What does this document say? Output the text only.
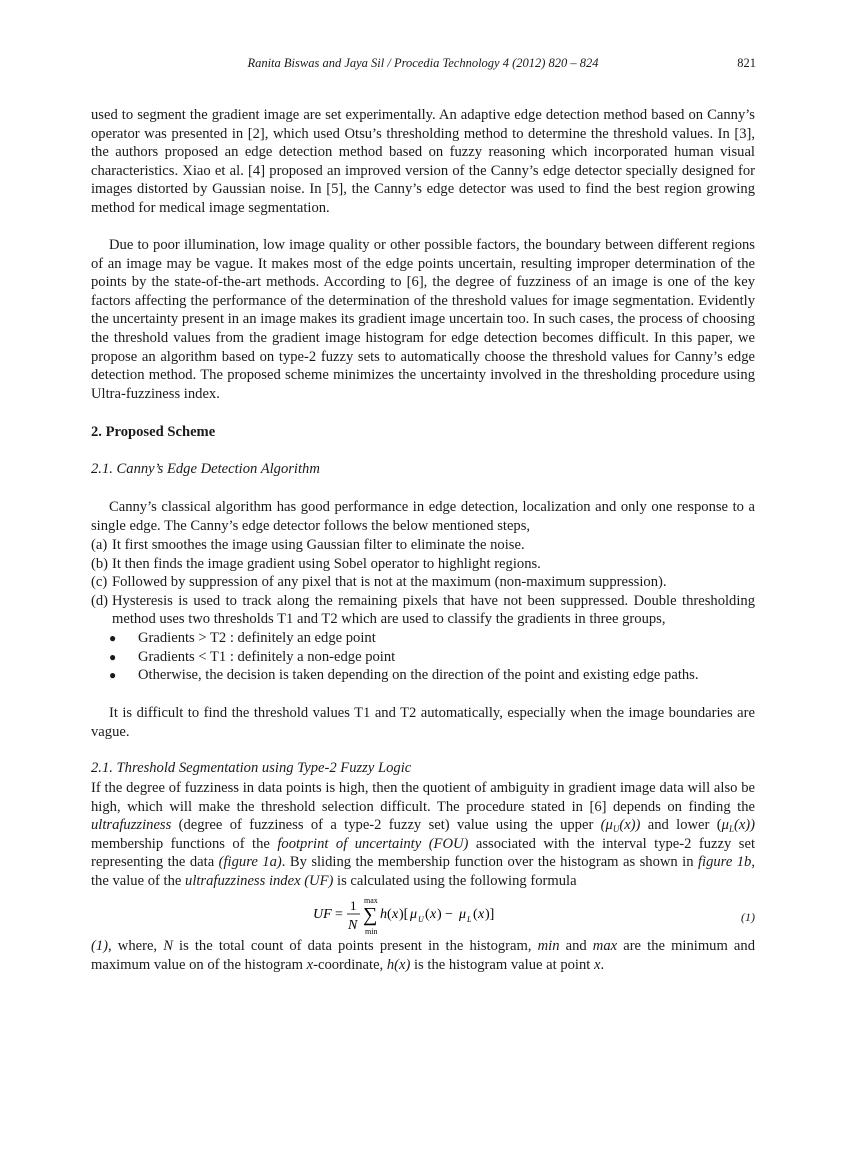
Ranita Biswas and Jaya Sil / Procedia Technology 4 (2012) 820 – 824	821

used to segment the gradient image are set experimentally. An adaptive edge detection method based on Canny’s operator was presented in [2], which used Otsu’s thresholding method to determine the threshold values. In [3], the authors proposed an edge detection method based on fuzzy reasoning which incorporated human visual characteristics. Xiao et al. [4] proposed an improved version of the Canny’s edge detector specially designed for images distorted by Gaussian noise. In [5], the Canny’s edge detector was used to find the best region growing method for medical image segmentation.

Due to poor illumination, low image quality or other possible factors, the boundary between different regions of an image may be vague. It makes most of the edge points uncertain, resulting improper determination of the points by the state-of-the-art methods. According to [6], the degree of fuzziness of an image is one of the key factors affecting the performance of the determination of the threshold values for image segmentation. Evidently the uncertainty present in an image makes its gradient image uncertain too. In such cases, the process of choosing the threshold values from the gradient image histogram for edge detection becomes difficult. In this paper, we propose an algorithm based on type-2 fuzzy sets to automatically choose the threshold values for Canny’s edge detection method. The proposed scheme minimizes the uncertainty involved in the thresholding procedure using Ultra-fuzziness index.

2. Proposed Scheme

2.1. Canny’s Edge Detection Algorithm

Canny’s classical algorithm has good performance in edge detection, localization and only one response to a single edge. The Canny’s edge detector follows the below mentioned steps,

(a) It first smoothes the image using Gaussian filter to eliminate the noise.
(b) It then finds the image gradient using Sobel operator to highlight regions.
(c) Followed by suppression of any pixel that is not at the maximum (non-maximum suppression).
(d) Hysteresis is used to track along the remaining pixels that have not been suppressed. Double thresholding method uses two thresholds T1 and T2 which are used to classify the gradients in three groups,
● Gradients > T2 : definitely an edge point
● Gradients < T1 : definitely a non-edge point
● Otherwise, the decision is taken depending on the direction of the point and existing edge paths.

It is difficult to find the threshold values T1 and T2 automatically, especially when the image boundaries are vague.

2.1. Threshold Segmentation using Type-2 Fuzzy Logic

If the degree of fuzziness in data points is high, then the quotient of ambiguity in gradient image data will also be high, which will make the threshold selection difficult. The procedure stated in [6] depends on finding the ultrafuzziness (degree of fuzziness of a type-2 fuzzy set) value using the upper $(\mu_U(x))$ and lower $(\mu_L(x))$ membership functions of the footprint of uncertainty (FOU) associated with the interval type-2 fuzzy set representing the data (figure 1a). By sliding the membership function over the histogram as shown in figure 1b, the value of the ultrafuzziness index (UF) is calculated using the following formula

UF =
1
N
max
∑
min
h ( x )[ μ U ( x ) − μ L ( x )]	(1)

(1), where, N is the total count of data points present in the histogram, min and max are the minimum and maximum value on of the histogram x-coordinate, h(x) is the histogram value at point x.
